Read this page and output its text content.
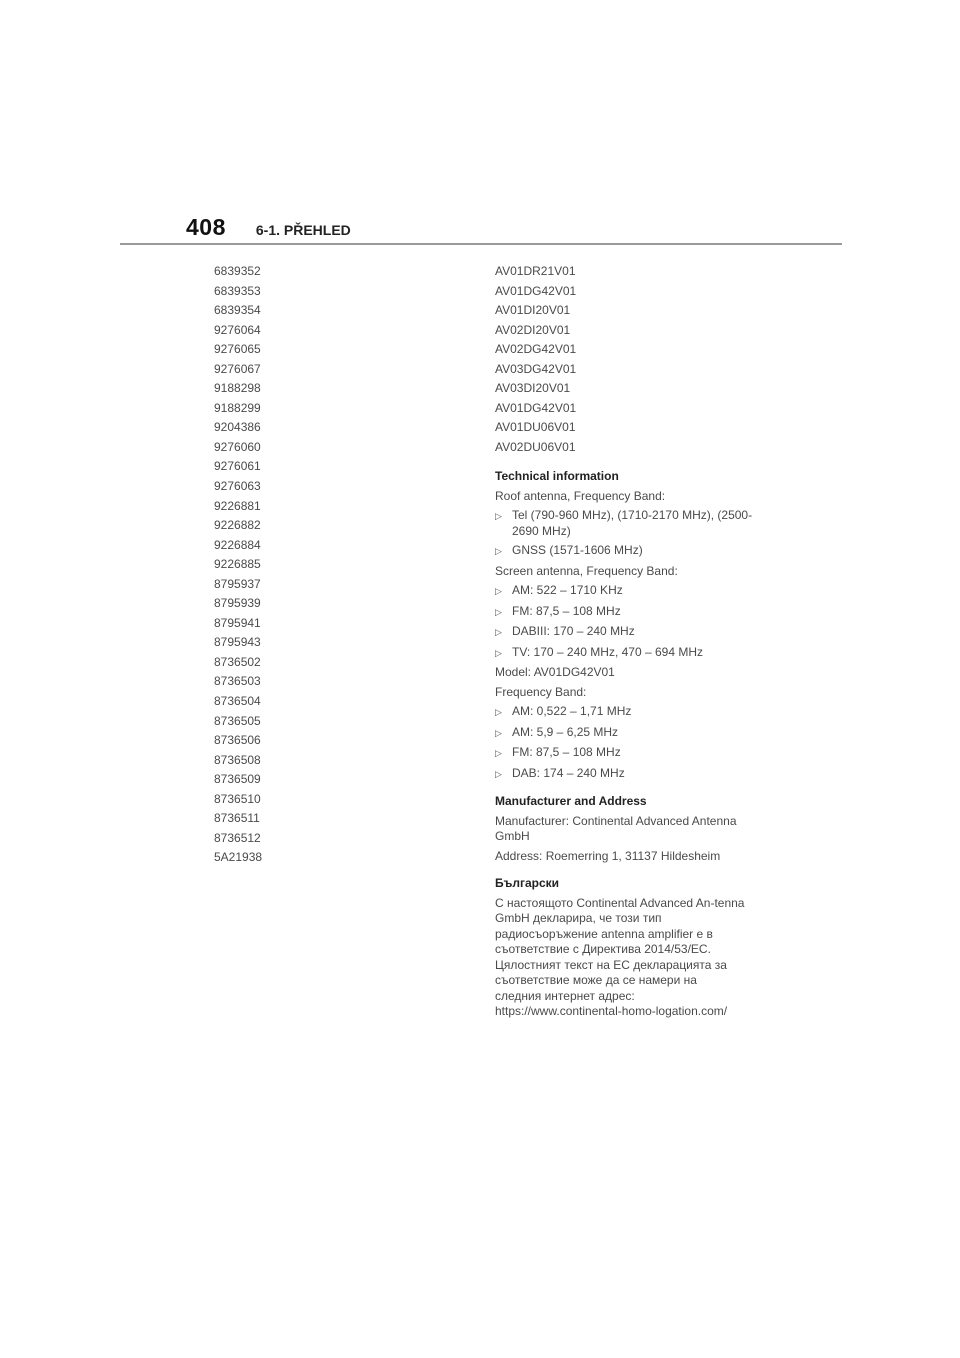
408 6-1. PŘEHLED
6839352
6839353
6839354
9276064
9276065
9276067
9188298
9188299
9204386
9276060
9276061
9276063
9226881
9226882
9226884
9226885
8795937
8795939
8795941
8795943
8736502
8736503
8736504
8736505
8736506
8736508
8736509
8736510
8736511
8736512
5A21938
AV01DR21V01
AV01DG42V01
AV01DI20V01
AV02DI20V01
AV02DG42V01
AV03DG42V01
AV03DI20V01
AV01DG42V01
AV01DU06V01
AV02DU06V01
Technical information
Roof antenna, Frequency Band:
▷ Tel (790-960 MHz), (1710-2170 MHz), (2500-2690 MHz)
▷ GNSS (1571-1606 MHz)
Screen antenna, Frequency Band:
▷ AM: 522 – 1710 KHz
▷ FM: 87,5 – 108 MHz
▷ DABIII: 170 – 240 MHz
▷ TV: 170 – 240 MHz, 470 – 694 MHz
Model: AV01DG42V01
Frequency Band:
▷ AM: 0,522 – 1,71 MHz
▷ AM: 5,9 – 6,25 MHz
▷ FM: 87,5 – 108 MHz
▷ DAB: 174 – 240 MHz
Manufacturer and Address
Manufacturer: Continental Advanced Antenna GmbH
Address: Roemerring 1, 31137 Hildesheim
Български
С настоящото Continental Advanced An-tenna GmbH декларира, че този тип радиосъоръжение antenna amplifier е в съответствие с Директива 2014/53/ЕС. Цялостният текст на ЕС декларацията за съответствие може да се намери на следния интернет адрес: https://www.continental-homo-logation.com/
